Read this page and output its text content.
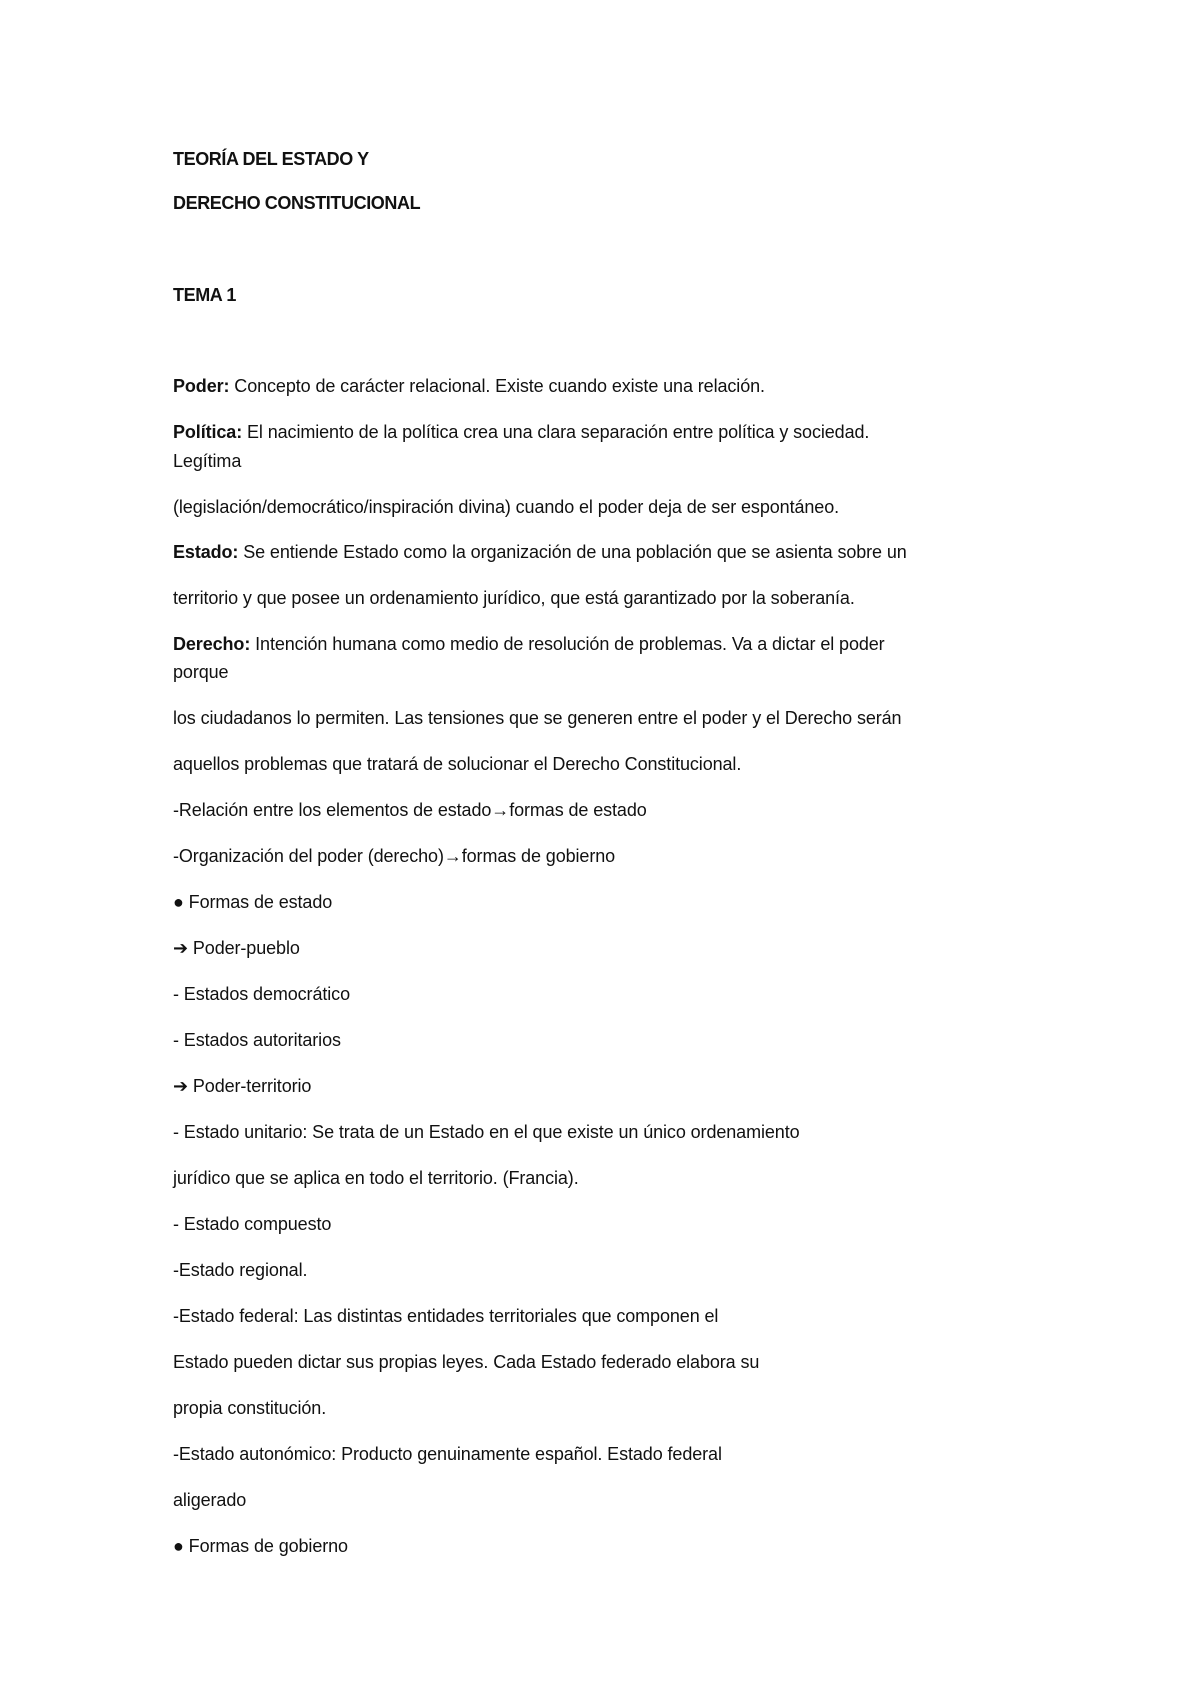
TEORÍA DEL ESTADO Y
DERECHO CONSTITUCIONAL
TEMA 1
Poder: Concepto de carácter relacional. Existe cuando existe una relación.
Política: El nacimiento de la política crea una clara separación entre política y sociedad.
Legítima
(legislación/democrático/inspiración divina) cuando el poder deja de ser espontáneo.
Estado: Se entiende Estado como la organización de una población que se asienta sobre un
territorio y que posee un ordenamiento jurídico, que está garantizado por la soberanía.
Derecho: Intención humana como medio de resolución de problemas. Va a dictar el poder
porque
los ciudadanos lo permiten. Las tensiones que se generen entre el poder y el Derecho serán
aquellos problemas que tratará de solucionar el Derecho Constitucional.
-Relación entre los elementos de estado→formas de estado
-Organización del poder (derecho)→formas de gobierno
● Formas de estado
➔ Poder-pueblo
- Estados democrático
- Estados autoritarios
➔ Poder-territorio
- Estado unitario: Se trata de un Estado en el que existe un único ordenamiento
jurídico que se aplica en todo el territorio. (Francia).
- Estado compuesto
-Estado regional.
-Estado federal: Las distintas entidades territoriales que componen el
Estado pueden dictar sus propias leyes. Cada Estado federado elabora su
propia constitución.
-Estado autonómico: Producto genuinamente español. Estado federal
aligerado
● Formas de gobierno
